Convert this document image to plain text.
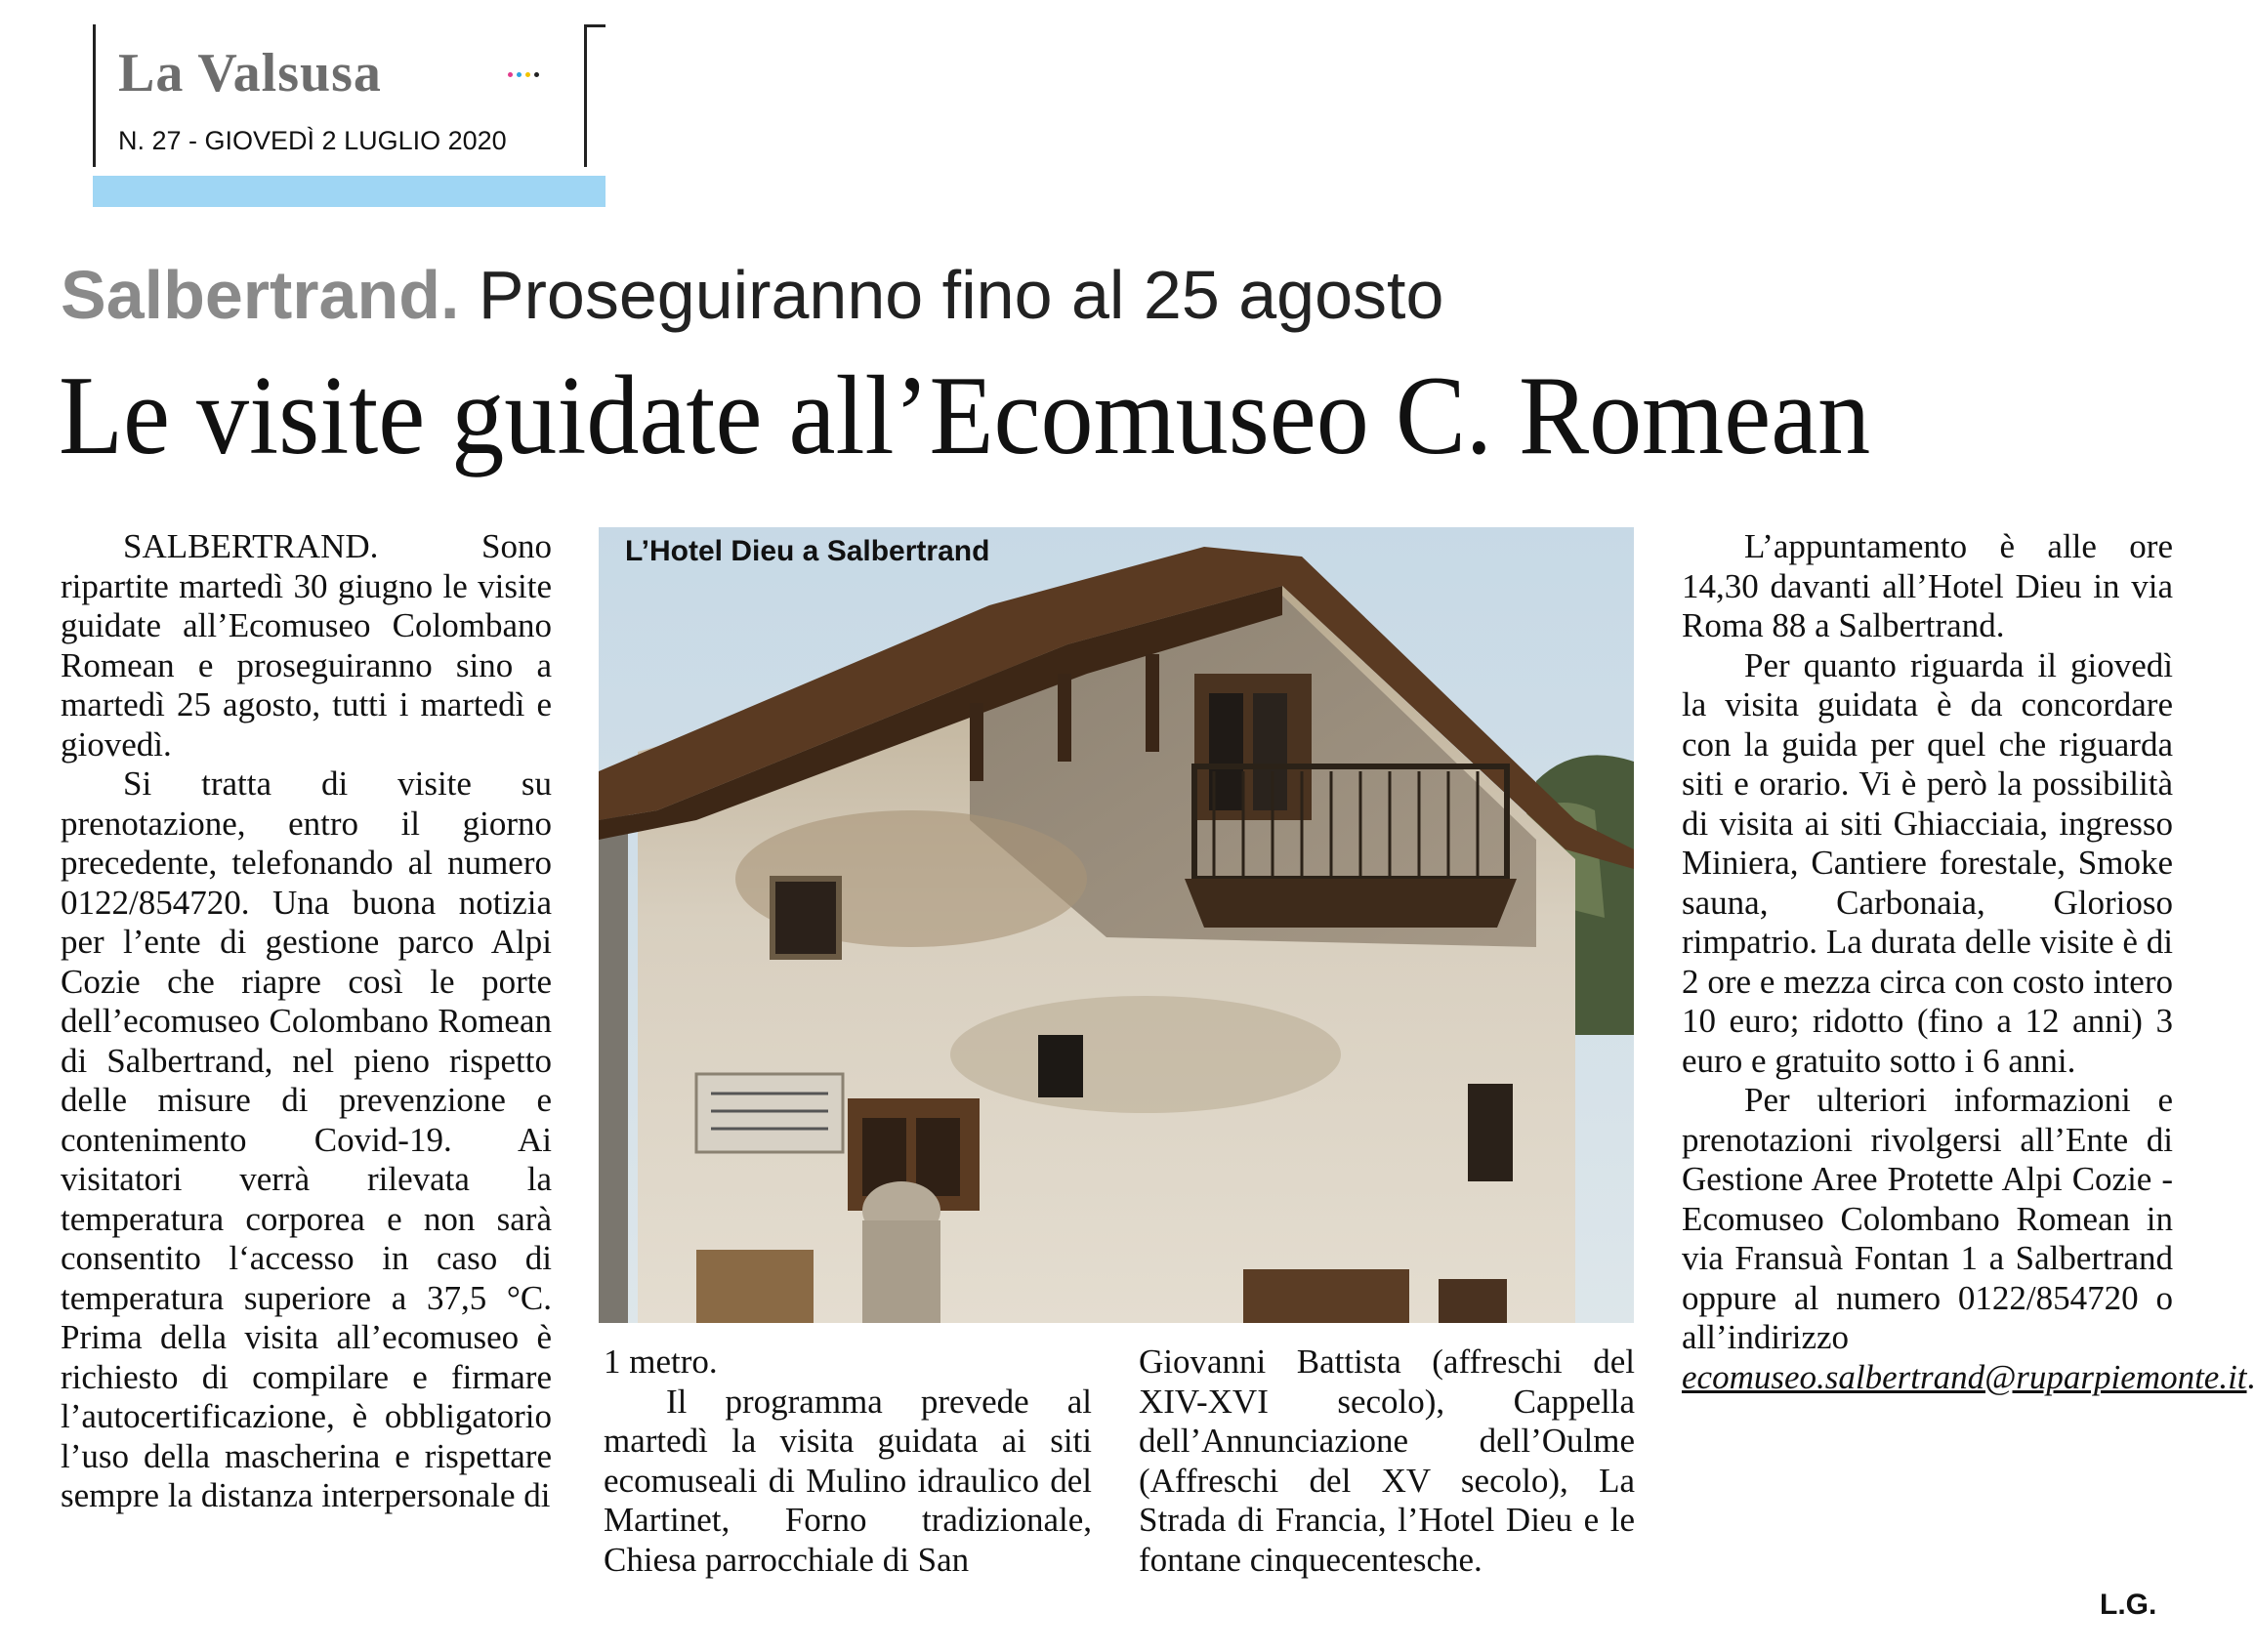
La Valsusa
N. 27 - GIOVEDÌ 2 LUGLIO 2020
Salbertrand. Proseguiranno fino al 25 agosto
Le visite guidate all’Ecomuseo C. Romean

SALBERTRAND. Sono ripartite martedì 30 giugno le visite guidate all’Ecomuseo Colombano Romean e proseguiranno sino a martedì 25 agosto, tutti i martedì e giovedì.

Si tratta di visite su prenotazione, entro il giorno precedente, telefonando al numero 0122/854720. Una buona notizia per l’ente di gestione parco Alpi Cozie che riapre così le porte dell’ecomuseo Colombano Romean di Salbertrand, nel pieno rispetto delle misure di prevenzione e contenimento Covid-19. Ai visitatori verrà rilevata la temperatura corporea e non sarà consentito l‘accesso in caso di temperatura superiore a 37,5 °C. Prima della visita all’ecomuseo è richiesto di compilare e firmare l’autocertificazione, è obbligatorio l’uso della mascherina e rispettare sempre la distanza interpersonale di

L’Hotel Dieu a Salbertrand

1 metro.

Il programma prevede al martedì la visita guidata ai siti ecomuseali di Mulino idraulico del Martinet, Forno tradizionale, Chiesa parrocchiale di San

Giovanni Battista (affreschi del XIV-XVI secolo), Cappella dell’Annunciazione dell’Oulme (Affreschi del XV secolo), La Strada di Francia, l’Hotel Dieu e le fontane cinquecentesche.

L’appuntamento è alle ore 14,30 davanti all’Hotel Dieu in via Roma 88 a Salbertrand.

Per quanto riguarda il giovedì la visita guidata è da concordare con la guida per quel che riguarda siti e orario. Vi è però la possibilità di visita ai siti Ghiacciaia, ingresso Miniera, Cantiere forestale, Smoke sauna, Carbonaia, Glorioso rimpatrio. La durata delle visite è di 2 ore e mezza circa con costo intero 10 euro; ridotto (fino a 12 anni) 3 euro e gratuito sotto i 6 anni.

Per ulteriori informazioni e prenotazioni rivolgersi all’Ente di Gestione Aree Protette Alpi Cozie - Ecomuseo Colombano Romean in via Fransuà Fontan 1 a Salbertrand oppure al numero 0122/854720 o all’indirizzo ecomuseo.salbertrand@ruparpiemonte.it.

L.G.
